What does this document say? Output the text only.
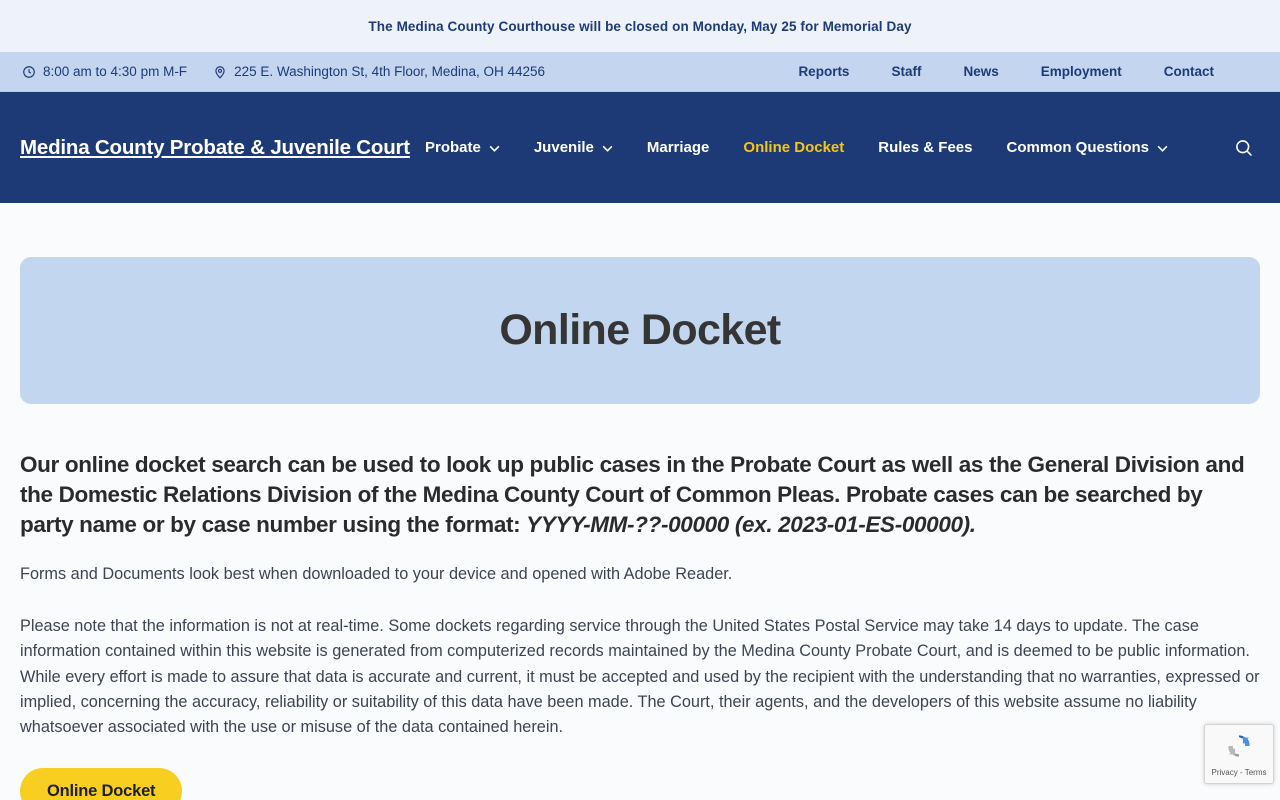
The Medina County Courthouse will be closed on Monday, May 25 for Memorial Day
8:00 am to 4:30 pm M-F	225 E. Washington St, 4th Floor, Medina, OH 44256	Reports	Staff	News	Employment	Contact
Medina County Probate & Juvenile Court Probate	Juvenile	Marriage Online Docket Rules & Fees Common Questions
Online Docket

Our online docket search can be used to look up public cases in the Probate Court as well as the General Division and the Domestic Relations Division of the Medina County Court of Common Pleas. Probate cases can be searched by party name or by case number using the format: YYYY-MM-??-00000 (ex. 2023-01-ES-00000).

Forms and Documents look best when downloaded to your device and opened with Adobe Reader.

Please note that the information is not at real-time. Some dockets regarding service through the United States Postal Service may take 14 days to update. The case information contained within this website is generated from computerized records maintained by the Medina County Probate Court, and is deemed to be public information. While every effort is made to assure that data is accurate and current, it must be accepted and used by the recipient with the understanding that no warranties, expressed or implied, concerning the accuracy, reliability or suitability of this data have been made. The Court, their agents, and the developers of this website assume no liability whatsoever associated with the use or misuse of the data contained herein.

Online Docket
Privacy - Terms
